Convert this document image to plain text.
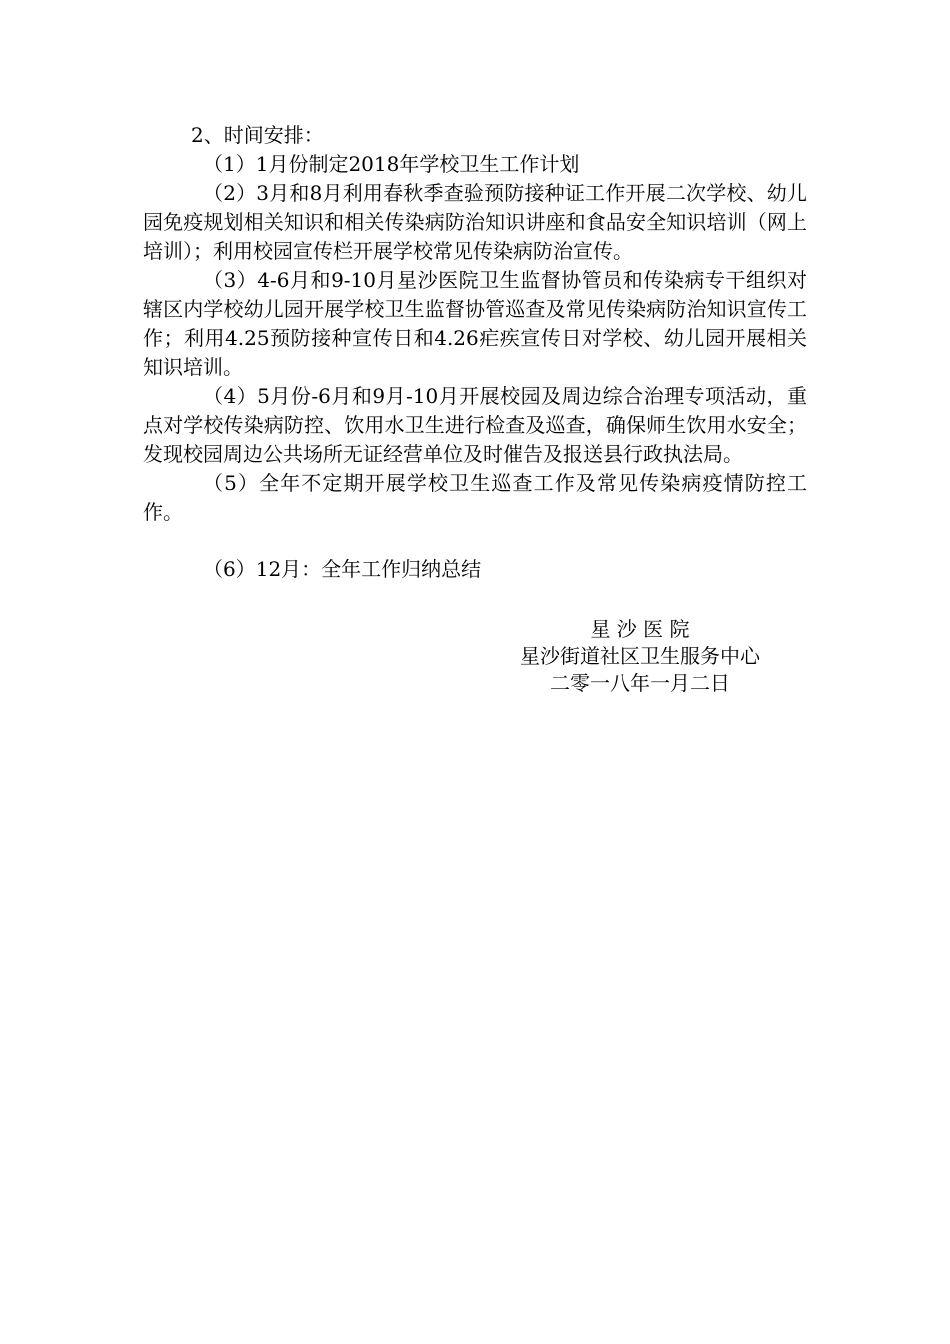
2、时间安排：

（1）1月份制定2018年学校卫生工作计划

（2）3月和8月利用春秋季查验预防接种证工作开展二次学校、幼儿园免疫规划相关知识和相关传染病防治知识讲座和食品安全知识培训（网上培训）；利用校园宣传栏开展学校常见传染病防治宣传。

（3）4-6月和9-10月星沙医院卫生监督协管员和传染病专干组织对辖区内学校幼儿园开展学校卫生监督协管巡查及常见传染病防治知识宣传工作；利用4.25预防接种宣传日和4.26疟疾宣传日对学校、幼儿园开展相关知识培训。

（4）5月份-6月和9月-10月开展校园及周边综合治理专项活动，重点对学校传染病防控、饮用水卫生进行检查及巡查，确保师生饮用水安全；发现校园周边公共场所无证经营单位及时催告及报送县行政执法局。

（5）全年不定期开展学校卫生巡查工作及常见传染病疫情防控工作。

（6）12月：全年工作归纳总结

星 沙 医 院
星沙街道社区卫生服务中心
二零一八年一月二日
